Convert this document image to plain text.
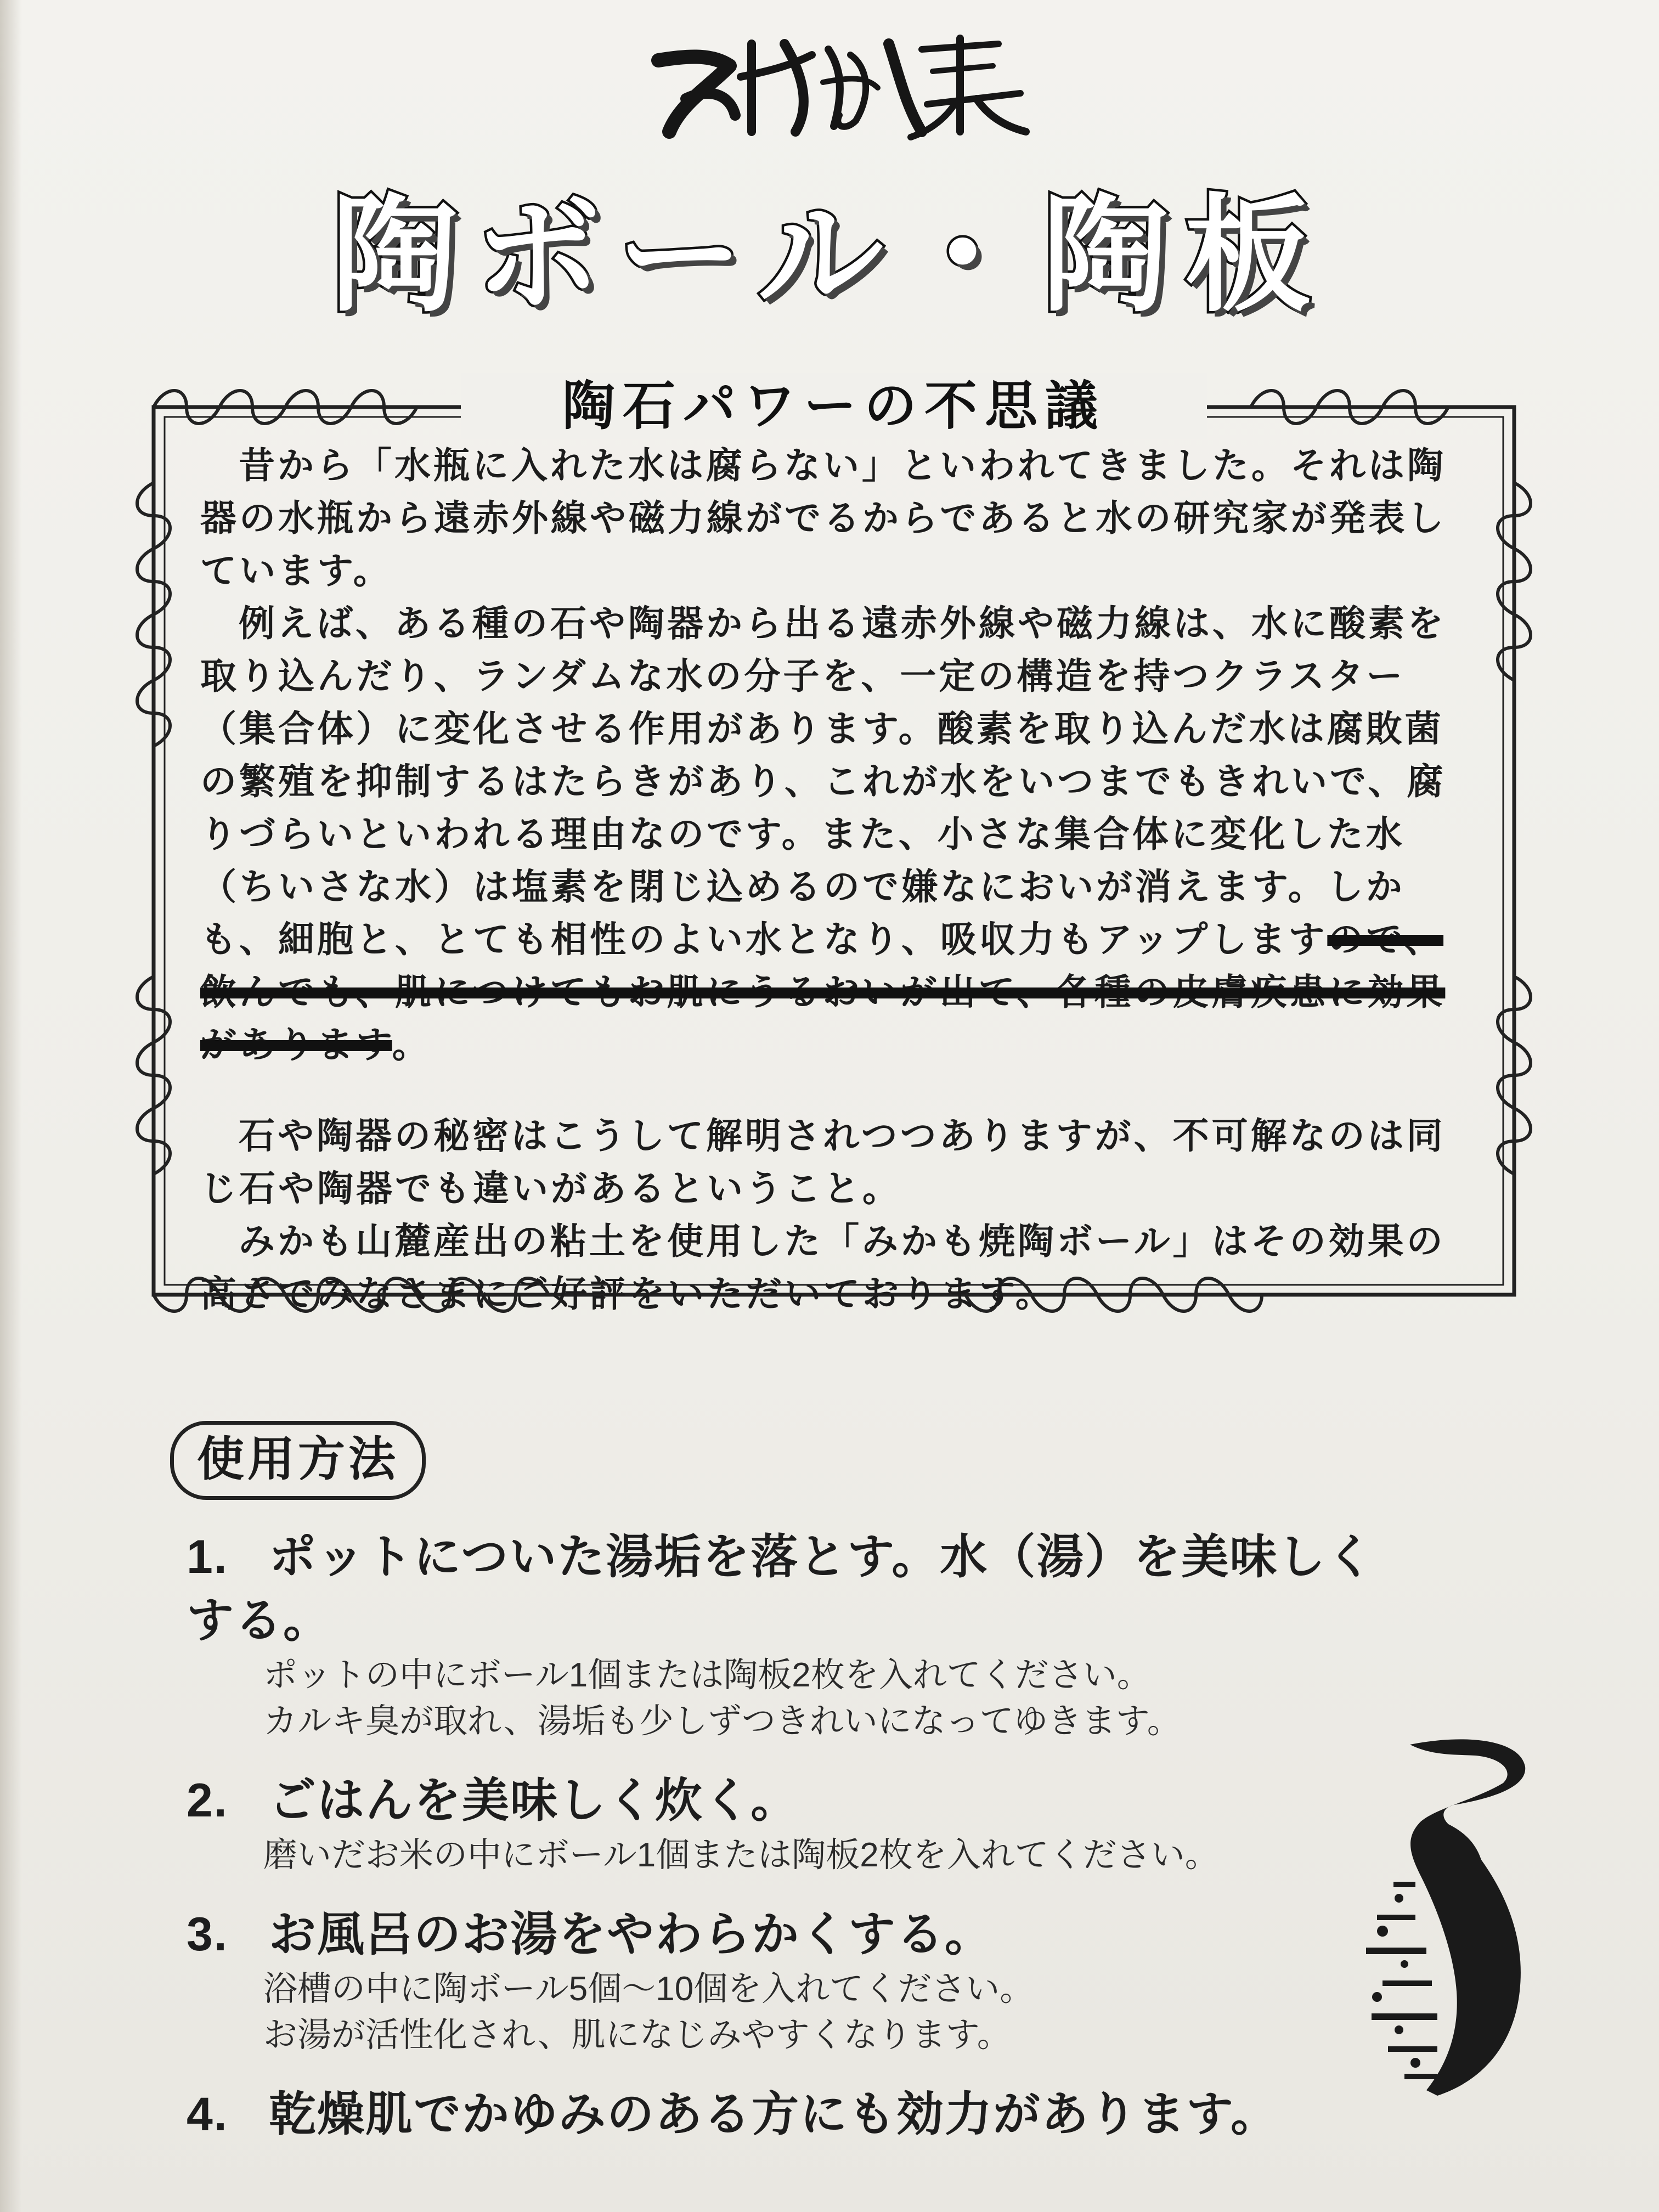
陶ボール・陶板
陶石パワーの不思議

昔から「水瓶に入れた水は腐らない」といわれてきました。それは陶器の水瓶から遠赤外線や磁力線がでるからであると水の研究家が発表しています。

例えば、ある種の石や陶器から出る遠赤外線や磁力線は、水に酸素を取り込んだり、ランダムな水の分子を、一定の構造を持つクラスター（集合体）に変化させる作用があります。酸素を取り込んだ水は腐敗菌の繁殖を抑制するはたらきがあり、これが水をいつまでもきれいで、腐りづらいといわれる理由なのです。また、小さな集合体に変化した水（ちいさな水）は塩素を閉じ込めるので嫌なにおいが消えます。しかも、細胞と、とても相性のよい水となり、吸収力もアップしますので、飲んでも、肌につけてもお肌にうるおいが出て、各種の皮膚疾患に効果があります。

石や陶器の秘密はこうして解明されつつありますが、不可解なのは同じ石や陶器でも違いがあるということ。

みかも山麓産出の粘土を使用した「みかも焼陶ボール」はその効果の高さでみなさまにご好評をいただいております。

使用方法
1. ポットについた湯垢を落とす。水（湯）を美味しくする。
ポットの中にボール1個または陶板2枚を入れてください。
カルキ臭が取れ、湯垢も少しずつきれいになってゆきます。
2. ごはんを美味しく炊く。
磨いだお米の中にボール1個または陶板2枚を入れてください。
3. お風呂のお湯をやわらかくする。
浴槽の中に陶ボール5個〜10個を入れてください。
お湯が活性化され、肌になじみやすくなります。
4. 乾燥肌でかゆみのある方にも効力があります。
